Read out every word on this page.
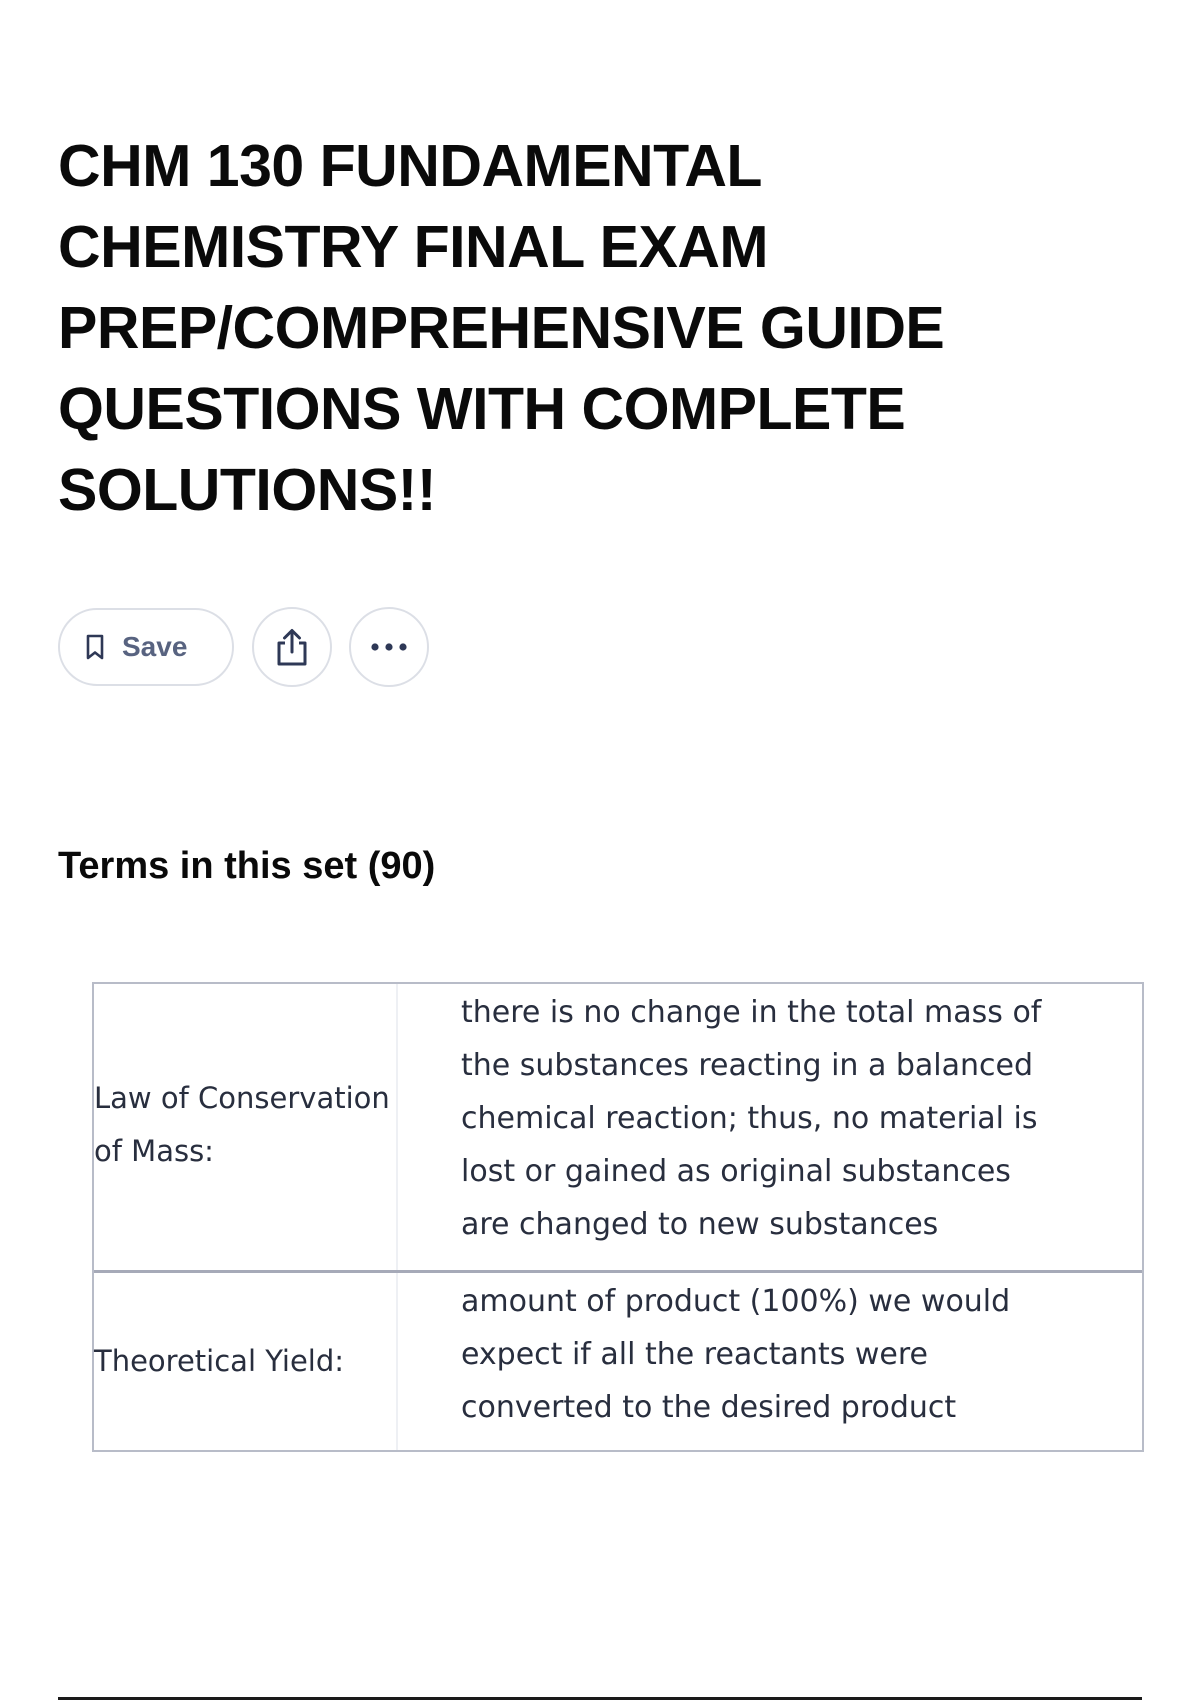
CHM 130 FUNDAMENTAL
CHEMISTRY FINAL EXAM
PREP/COMPREHENSIVE GUIDE
QUESTIONS WITH COMPLETE
SOLUTIONS!!
Save
Terms in this set (90)
Law of Conservation of Mass:
there is no change in the total mass of the substances reacting in a balanced chemical reaction; thus, no material is lost or gained as original substances are changed to new substances
Theoretical Yield:
amount of product (100%) we would expect if all the reactants were converted to the desired product
